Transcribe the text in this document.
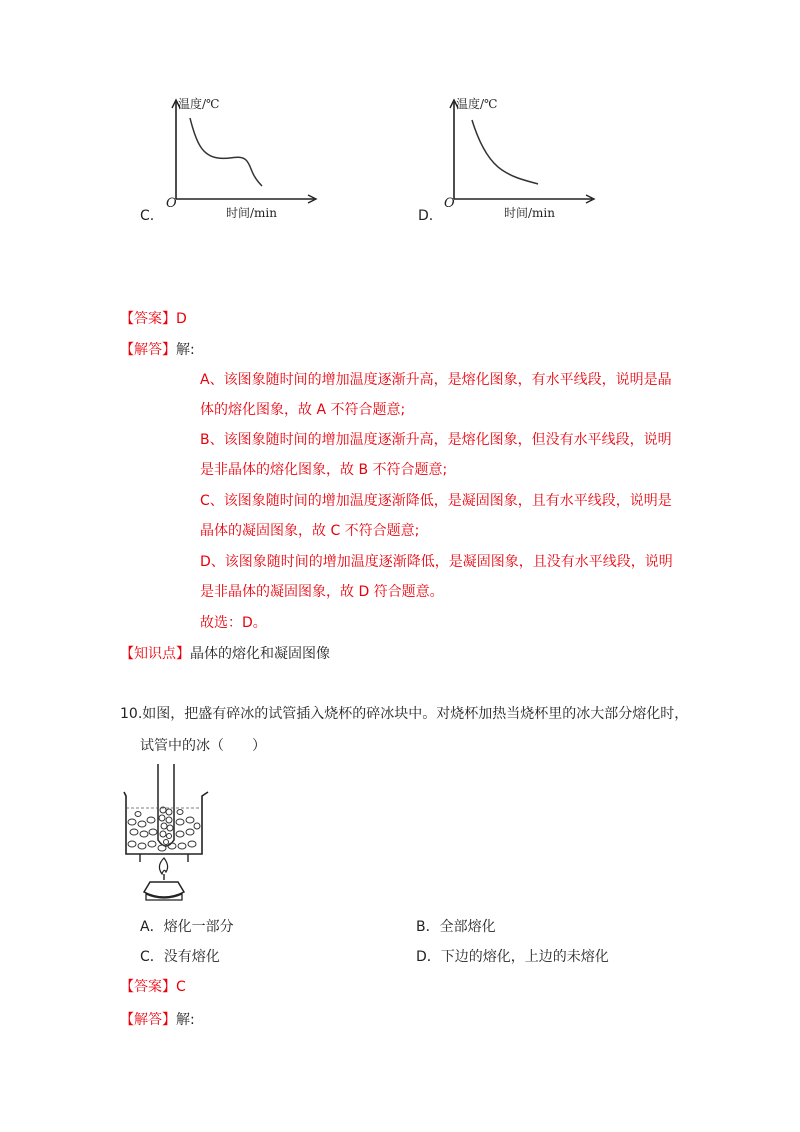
C.
温度/℃
时间/min
O
D.
温度/℃
时间/min
O
【答案】D
【解答】解:
A、该图象随时间的增加温度逐渐升高，是熔化图象，有水平线段，说明是晶
体的熔化图象，故 A 不符合题意;
B、该图象随时间的增加温度逐渐升高，是熔化图象，但没有水平线段，说明
是非晶体的熔化图象，故 B 不符合题意;
C、该图象随时间的增加温度逐渐降低，是凝固图象，且有水平线段，说明是
晶体的凝固图象，故 C 不符合题意;
D、该图象随时间的增加温度逐渐降低，是凝固图象，且没有水平线段，说明
是非晶体的凝固图象，故 D 符合题意。
故选：D。
【知识点】晶体的熔化和凝固图像
10.如图，把盛有碎冰的试管插入烧杯的碎冰块中。对烧杯加热当烧杯里的冰大部分熔化时，
试管中的冰（　　）
A．熔化一部分	B．全部熔化
C．没有熔化	D．下边的熔化，上边的未熔化
【答案】C
【解答】解:
